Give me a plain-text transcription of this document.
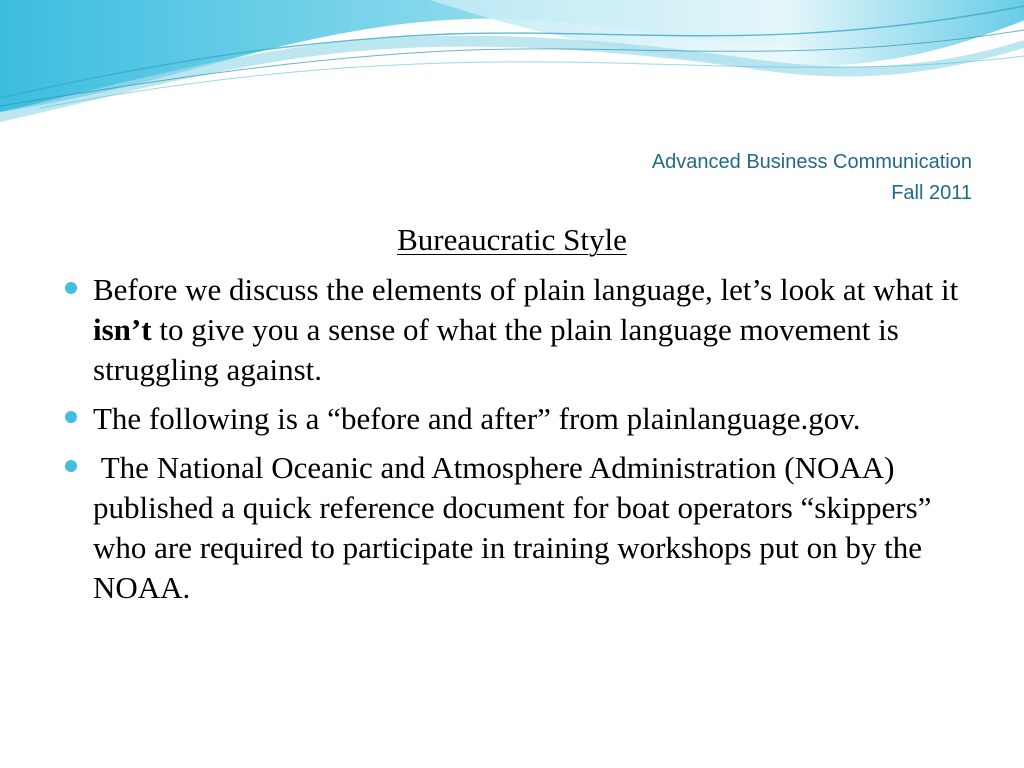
Advanced Business Communication
Fall 2011
Bureaucratic Style
Before we discuss the elements of plain language, let’s look at what it isn’t to give you a sense of what the plain language movement is struggling against.
The following is a “before and after” from plainlanguage.gov.
The National Oceanic and Atmosphere Administration (NOAA) published a quick reference document for boat operators “skippers” who are required to participate in training workshops put on by the NOAA.
